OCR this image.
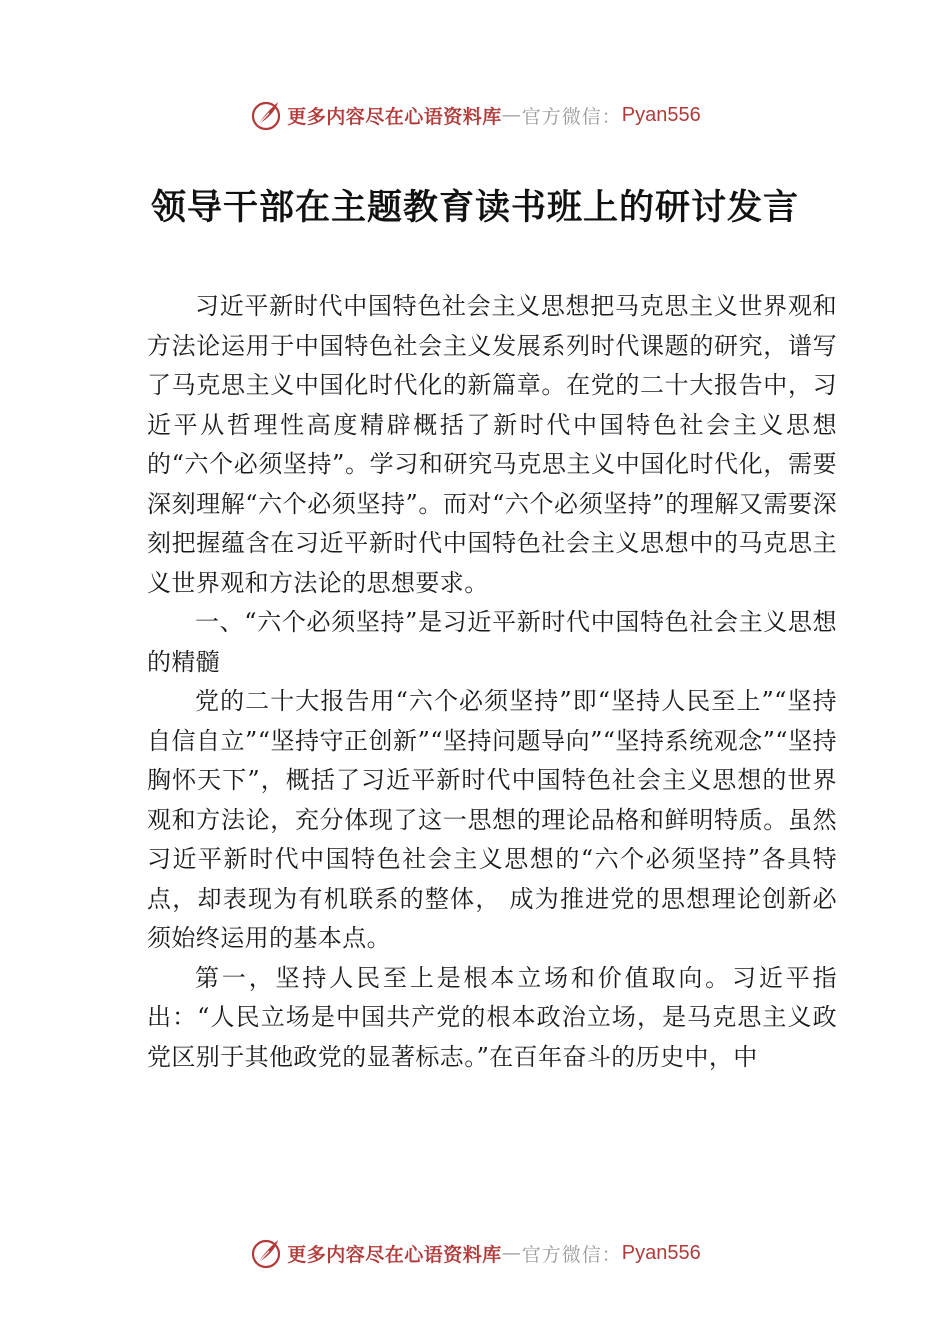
更多内容尽在心语资料库 — 官方微信： Pyan556
领导干部在主题教育读书班上的研讨发言

习近平新时代中国特色社会主义思想把马克思主义世界观和方法论运用于中国特色社会主义发展系列时代课题的研究，谱写了马克思主义中国化时代化的新篇章。在党的二十大报告中，习近平从哲理性高度精辟概括了新时代中国特色社会主义思想的“六个必须坚持”。学习和研究马克思主义中国化时代化，需要深刻理解“六个必须坚持”。而对“六个必须坚持”的理解又需要深刻把握蕴含在习近平新时代中国特色社会主义思想中的马克思主义世界观和方法论的思想要求。

一、“六个必须坚持”是习近平新时代中国特色社会主义思想的精髓

党的二十大报告用“六个必须坚持”即“坚持人民至上”“坚持自信自立”“坚持守正创新”“坚持问题导向”“坚持系统观念”“坚持胸怀天下”，概括了习近平新时代中国特色社会主义思想的世界观和方法论，充分体现了这一思想的理论品格和鲜明特质。虽然习近平新时代中国特色社会主义思想的“六个必须坚持”各具特点，却表现为有机联系的整体， 成为推进党的思想理论创新必须始终运用的基本点。

第一，坚持人民至上是根本立场和价值取向。习近平指出：“人民立场是中国共产党的根本政治立场，是马克思主义政党区别于其他政党的显著标志。”在百年奋斗的历史中，中

更多内容尽在心语资料库 — 官方微信： Pyan556
